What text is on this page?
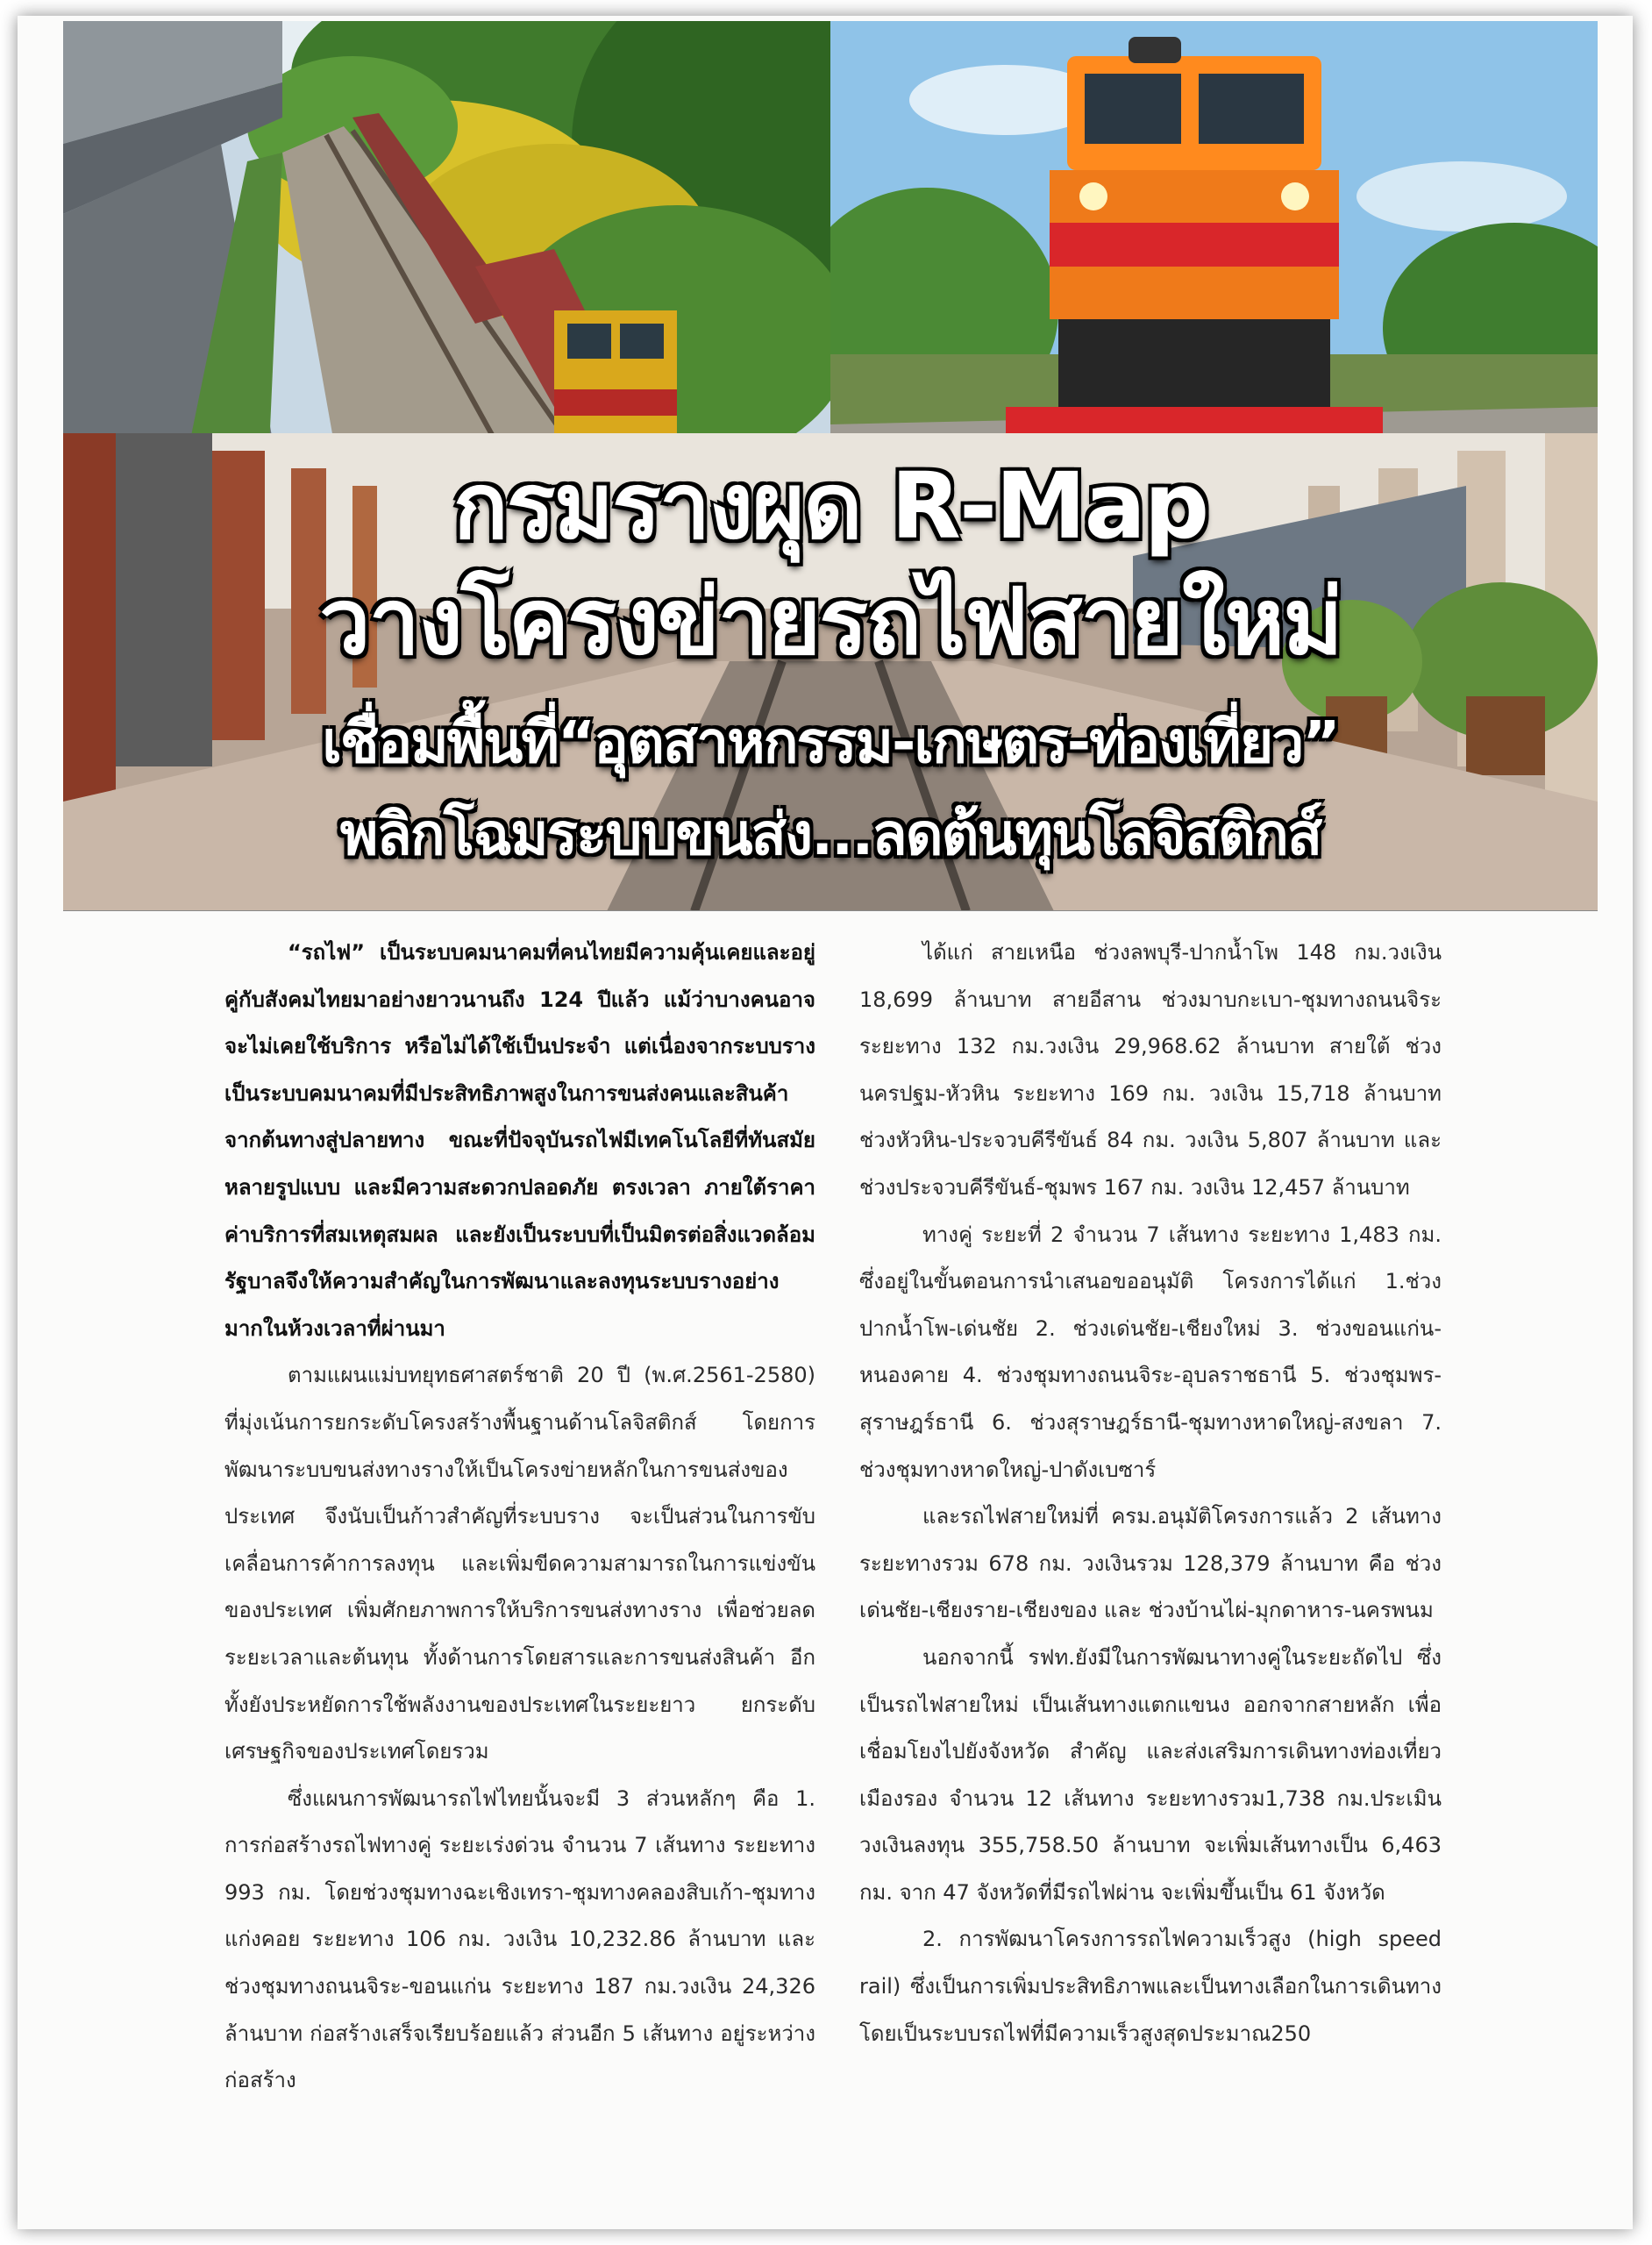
กรมรางผุด R-Map
วางโครงข่ายรถไฟสายใหม่
เชื่อมพื้นที่“อุตสาหกรรม-เกษตร-ท่องเที่ยว”
พลิกโฉมระบบขนส่ง...ลดต้นทุนโลจิสติกส์

“รถไฟ” เป็นระบบคมนาคมที่คนไทยมีความคุ้นเคยและอยู่คู่กับสังคมไทยมาอย่างยาวนานถึง 124 ปีแล้ว แม้ว่าบางคนอาจจะไม่เคยใช้บริการ หรือไม่ได้ใช้เป็นประจำ แต่เนื่องจากระบบราง เป็นระบบคมนาคมที่มีประสิทธิภาพสูงในการขนส่งคนและสินค้าจากต้นทางสู่ปลายทาง ขณะที่ปัจจุบันรถไฟมีเทคโนโลยีที่ทันสมัย หลายรูปแบบ และมีความสะดวกปลอดภัย ตรงเวลา ภายใต้ราคาค่าบริการที่สมเหตุสมผล และยังเป็นระบบที่เป็นมิตรต่อสิ่งแวดล้อม รัฐบาลจึงให้ความสำคัญในการพัฒนาและลงทุนระบบรางอย่างมากในห้วงเวลาที่ผ่านมา

ตามแผนแม่บทยุทธศาสตร์ชาติ 20 ปี (พ.ศ.2561-2580) ที่มุ่งเน้นการยกระดับโครงสร้างพื้นฐานด้านโลจิสติกส์ โดยการพัฒนาระบบขนส่งทางรางให้เป็นโครงข่ายหลักในการขนส่งของประเทศ จึงนับเป็นก้าวสำคัญที่ระบบราง จะเป็นส่วนในการขับเคลื่อนการค้าการลงทุน และเพิ่มขีดความสามารถในการแข่งขันของประเทศ เพิ่มศักยภาพการให้บริการขนส่งทางราง เพื่อช่วยลดระยะเวลาและต้นทุน ทั้งด้านการโดยสารและการขนส่งสินค้า อีกทั้งยังประหยัดการใช้พลังงานของประเทศในระยะยาว ยกระดับเศรษฐกิจของประเทศโดยรวม

ซึ่งแผนการพัฒนารถไฟไทยนั้นจะมี 3 ส่วนหลักๆ คือ 1. การก่อสร้างรถไฟทางคู่ ระยะเร่งด่วน จำนวน 7 เส้นทาง ระยะทาง 993 กม. โดยช่วงชุมทางฉะเชิงเทรา-ชุมทางคลองสิบเก้า-ชุมทางแก่งคอย ระยะทาง 106 กม. วงเงิน 10,232.86 ล้านบาท และช่วงชุมทางถนนจิระ-ขอนแก่น ระยะทาง 187 กม.วงเงิน 24,326 ล้านบาท ก่อสร้างเสร็จเรียบร้อยแล้ว ส่วนอีก 5 เส้นทาง อยู่ระหว่างก่อสร้าง

ได้แก่ สายเหนือ ช่วงลพบุรี-ปากน้ำโพ 148 กม.วงเงิน 18,699 ล้านบาท สายอีสาน ช่วงมาบกะเบา-ชุมทางถนนจิระ ระยะทาง 132 กม.วงเงิน 29,968.62 ล้านบาท สายใต้ ช่วงนครปฐม-หัวหิน ระยะทาง 169 กม. วงเงิน 15,718 ล้านบาท ช่วงหัวหิน-ประจวบคีรีขันธ์ 84 กม. วงเงิน 5,807 ล้านบาท และช่วงประจวบคีรีขันธ์-ชุมพร 167 กม. วงเงิน 12,457 ล้านบาท

ทางคู่ ระยะที่ 2 จำนวน 7 เส้นทาง ระยะทาง 1,483 กม. ซึ่งอยู่ในขั้นตอนการนำเสนอขออนุมัติ โครงการได้แก่ 1.ช่วงปากน้ำโพ-เด่นชัย 2. ช่วงเด่นชัย-เชียงใหม่ 3. ช่วงขอนแก่น-หนองคาย 4. ช่วงชุมทางถนนจิระ-อุบลราชธานี 5. ช่วงชุมพร-สุราษฎร์ธานี 6. ช่วงสุราษฎร์ธานี-ชุมทางหาดใหญ่-สงขลา 7. ช่วงชุมทางหาดใหญ่-ปาดังเบซาร์

และรถไฟสายใหม่ที่ ครม.อนุมัติโครงการแล้ว 2 เส้นทาง ระยะทางรวม 678 กม. วงเงินรวม 128,379 ล้านบาท คือ ช่วงเด่นชัย-เชียงราย-เชียงของ และ ช่วงบ้านไผ่-มุกดาหาร-นครพนม

นอกจากนี้ รฟท.ยังมีในการพัฒนาทางคู่ในระยะถัดไป ซึ่งเป็นรถไฟสายใหม่ เป็นเส้นทางแตกแขนง ออกจากสายหลัก เพื่อเชื่อมโยงไปยังจังหวัด สำคัญ และส่งเสริมการเดินทางท่องเที่ยวเมืองรอง จำนวน 12 เส้นทาง ระยะทางรวม1,738 กม.ประเมินวงเงินลงทุน 355,758.50 ล้านบาท จะเพิ่มเส้นทางเป็น 6,463 กม. จาก 47 จังหวัดที่มีรถไฟผ่าน จะเพิ่มขึ้นเป็น 61 จังหวัด

2. การพัฒนาโครงการรถไฟความเร็วสูง (high speed rail) ซึ่งเป็นการเพิ่มประสิทธิภาพและเป็นทางเลือกในการเดินทาง โดยเป็นระบบรถไฟที่มีความเร็วสูงสุดประมาณ250
